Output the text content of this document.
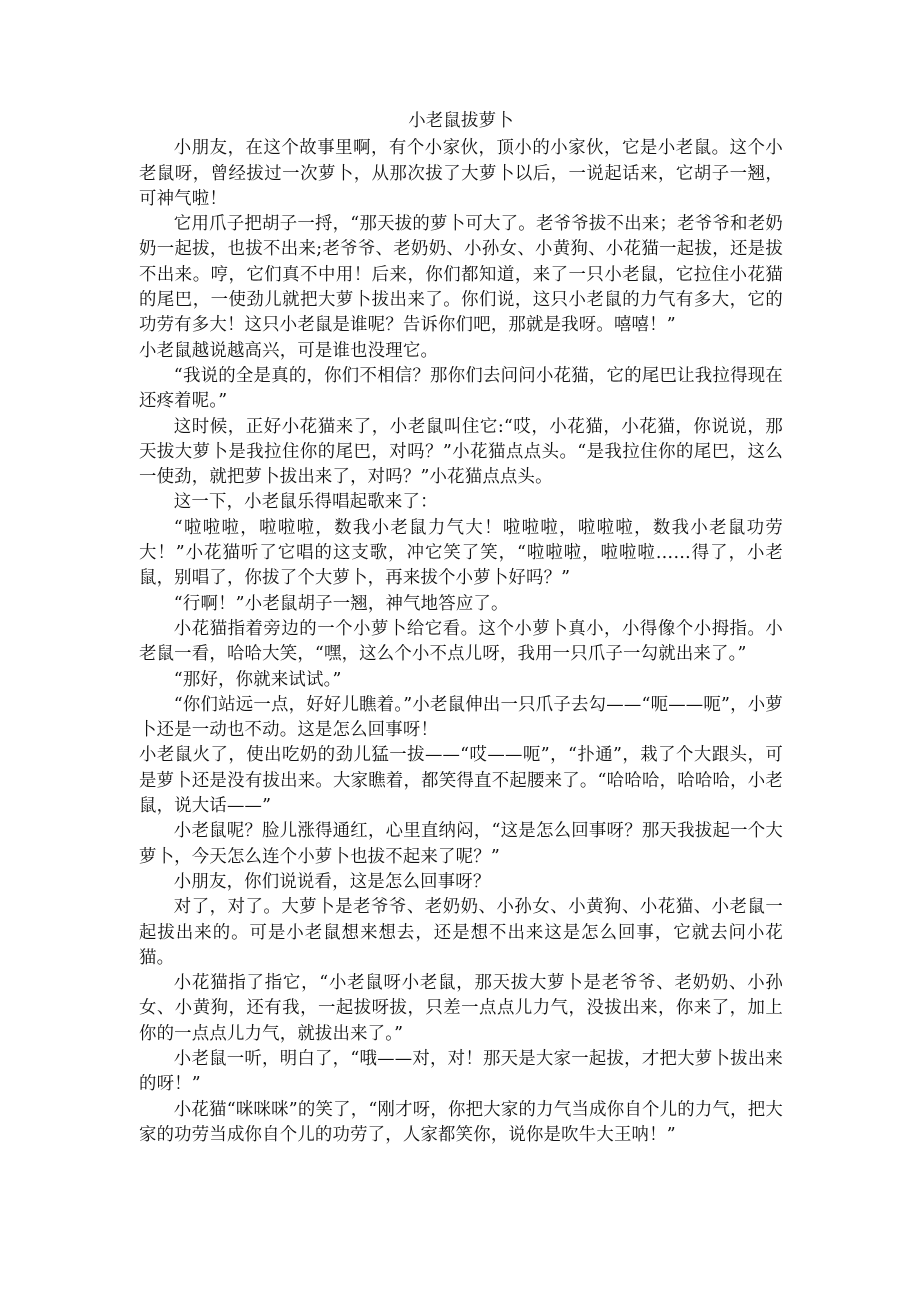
小老鼠拔萝卜

小朋友，在这个故事里啊，有个小家伙，顶小的小家伙，它是小老鼠。这个小老鼠呀，曾经拔过一次萝卜，从那次拔了大萝卜以后，一说起话来，它胡子一翘，可神气啦！

它用爪子把胡子一捋，“那天拔的萝卜可大了。老爷爷拔不出来；老爷爷和老奶奶一起拔，也拔不出来;老爷爷、老奶奶、小孙女、小黄狗、小花猫一起拔，还是拔不出来。哼，它们真不中用！后来，你们都知道，来了一只小老鼠，它拉住小花猫的尾巴，一使劲儿就把大萝卜拔出来了。你们说，这只小老鼠的力气有多大，它的功劳有多大！这只小老鼠是谁呢？告诉你们吧，那就是我呀。嘻嘻！”

小老鼠越说越高兴，可是谁也没理它。

“我说的全是真的，你们不相信？那你们去问问小花猫，它的尾巴让我拉得现在还疼着呢。”

这时候，正好小花猫来了，小老鼠叫住它:“哎，小花猫，小花猫，你说说，那天拔大萝卜是我拉住你的尾巴，对吗？”小花猫点点头。“是我拉住你的尾巴，这么一使劲，就把萝卜拔出来了，对吗？”小花猫点点头。

这一下，小老鼠乐得唱起歌来了：

“啦啦啦，啦啦啦，数我小老鼠力气大！啦啦啦，啦啦啦，数我小老鼠功劳大！”小花猫听了它唱的这支歌，冲它笑了笑，“啦啦啦，啦啦啦……得了，小老鼠，别唱了，你拔了个大萝卜，再来拔个小萝卜好吗？”

“行啊！”小老鼠胡子一翘，神气地答应了。

小花猫指着旁边的一个小萝卜给它看。这个小萝卜真小，小得像个小拇指。小老鼠一看，哈哈大笑，“嘿，这么个小不点儿呀，我用一只爪子一勾就出来了。”

“那好，你就来试试。”

“你们站远一点，好好儿瞧着。”小老鼠伸出一只爪子去勾——“呃——呃”，小萝卜还是一动也不动。这是怎么回事呀！

小老鼠火了，使出吃奶的劲儿猛一拔——“哎——呃”，“扑通”，栽了个大跟头，可是萝卜还是没有拔出来。大家瞧着，都笑得直不起腰来了。“哈哈哈，哈哈哈，小老鼠，说大话——”

小老鼠呢？脸儿涨得通红，心里直纳闷，“这是怎么回事呀？那天我拔起一个大萝卜，今天怎么连个小萝卜也拔不起来了呢？”

小朋友，你们说说看，这是怎么回事呀？

对了，对了。大萝卜是老爷爷、老奶奶、小孙女、小黄狗、小花猫、小老鼠一起拔出来的。可是小老鼠想来想去，还是想不出来这是怎么回事，它就去问小花猫。

小花猫指了指它，“小老鼠呀小老鼠，那天拔大萝卜是老爷爷、老奶奶、小孙女、小黄狗，还有我，一起拔呀拔，只差一点点儿力气，没拔出来，你来了，加上你的一点点儿力气，就拔出来了。”

小老鼠一听，明白了，“哦——对，对！那天是大家一起拔，才把大萝卜拔出来的呀！”

小花猫“咪咪咪”的笑了，“刚才呀，你把大家的力气当成你自个儿的力气，把大家的功劳当成你自个儿的功劳了，人家都笑你，说你是吹牛大王呐！”
